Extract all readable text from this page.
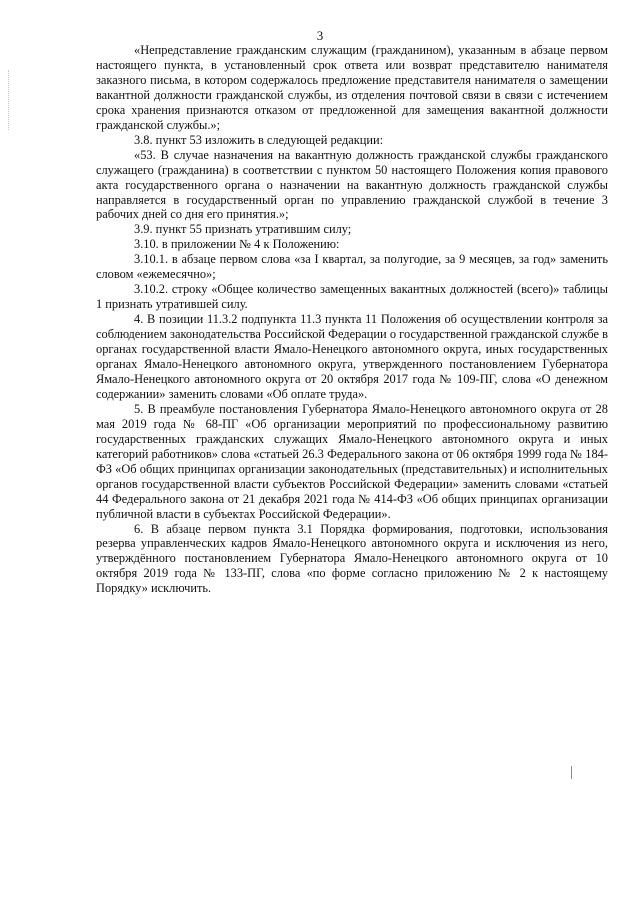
3

«Непредставление гражданским служащим (гражданином), указанным в абзаце первом настоящего пункта, в установленный срок ответа или возврат представителю нанимателя заказного письма, в котором содержалось предложение представителя нанимателя о замещении вакантной должности гражданской службы, из отделения почтовой связи в связи с истечением срока хранения признаются отказом от предложенной для замещения вакантной должности гражданской службы.»;

3.8. пункт 53 изложить в следующей редакции:

«53. В случае назначения на вакантную должность гражданской службы гражданского служащего (гражданина) в соответствии с пунктом 50 настоящего Положения копия правового акта государственного органа о назначении на вакантную должность гражданской службы направляется в государственный орган по управлению гражданской службой в течение 3 рабочих дней со дня его принятия.»;

3.9. пункт 55 признать утратившим силу;

3.10. в приложении № 4 к Положению:

3.10.1. в абзаце первом слова «за I квартал, за полугодие, за 9 месяцев, за год» заменить словом «ежемесячно»;

3.10.2. строку «Общее количество замещенных вакантных должностей (всего)» таблицы 1 признать утратившей силу.

4. В позиции 11.3.2 подпункта 11.3 пункта 11 Положения об осуществлении контроля за соблюдением законодательства Российской Федерации о государственной гражданской службе в органах государственной власти Ямало-Ненецкого автономного округа, иных государственных органах Ямало-Ненецкого автономного округа, утвержденного постановлением Губернатора Ямало-Ненецкого автономного округа от 20 октября 2017 года № 109-ПГ, слова «О денежном содержании» заменить словами «Об оплате труда».

5. В преамбуле постановления Губернатора Ямало-Ненецкого автономного округа от 28 мая 2019 года № 68-ПГ «Об организации мероприятий по профессиональному развитию государственных гражданских служащих Ямало-Ненецкого автономного округа и иных категорий работников» слова «статьей 26.3 Федерального закона от 06 октября 1999 года № 184-ФЗ «Об общих принципах организации законодательных (представительных) и исполнительных органов государственной власти субъектов Российской Федерации» заменить словами «статьей 44 Федерального закона от 21 декабря 2021 года № 414-ФЗ «Об общих принципах организации публичной власти в субъектах Российской Федерации».

6. В абзаце первом пункта 3.1 Порядка формирования, подготовки, использования резерва управленческих кадров Ямало-Ненецкого автономного округа и исключения из него, утверждённого постановлением Губернатора Ямало-Ненецкого автономного округа от 10 октября 2019 года № 133-ПГ, слова «по форме согласно приложению № 2 к настоящему Порядку» исключить.
